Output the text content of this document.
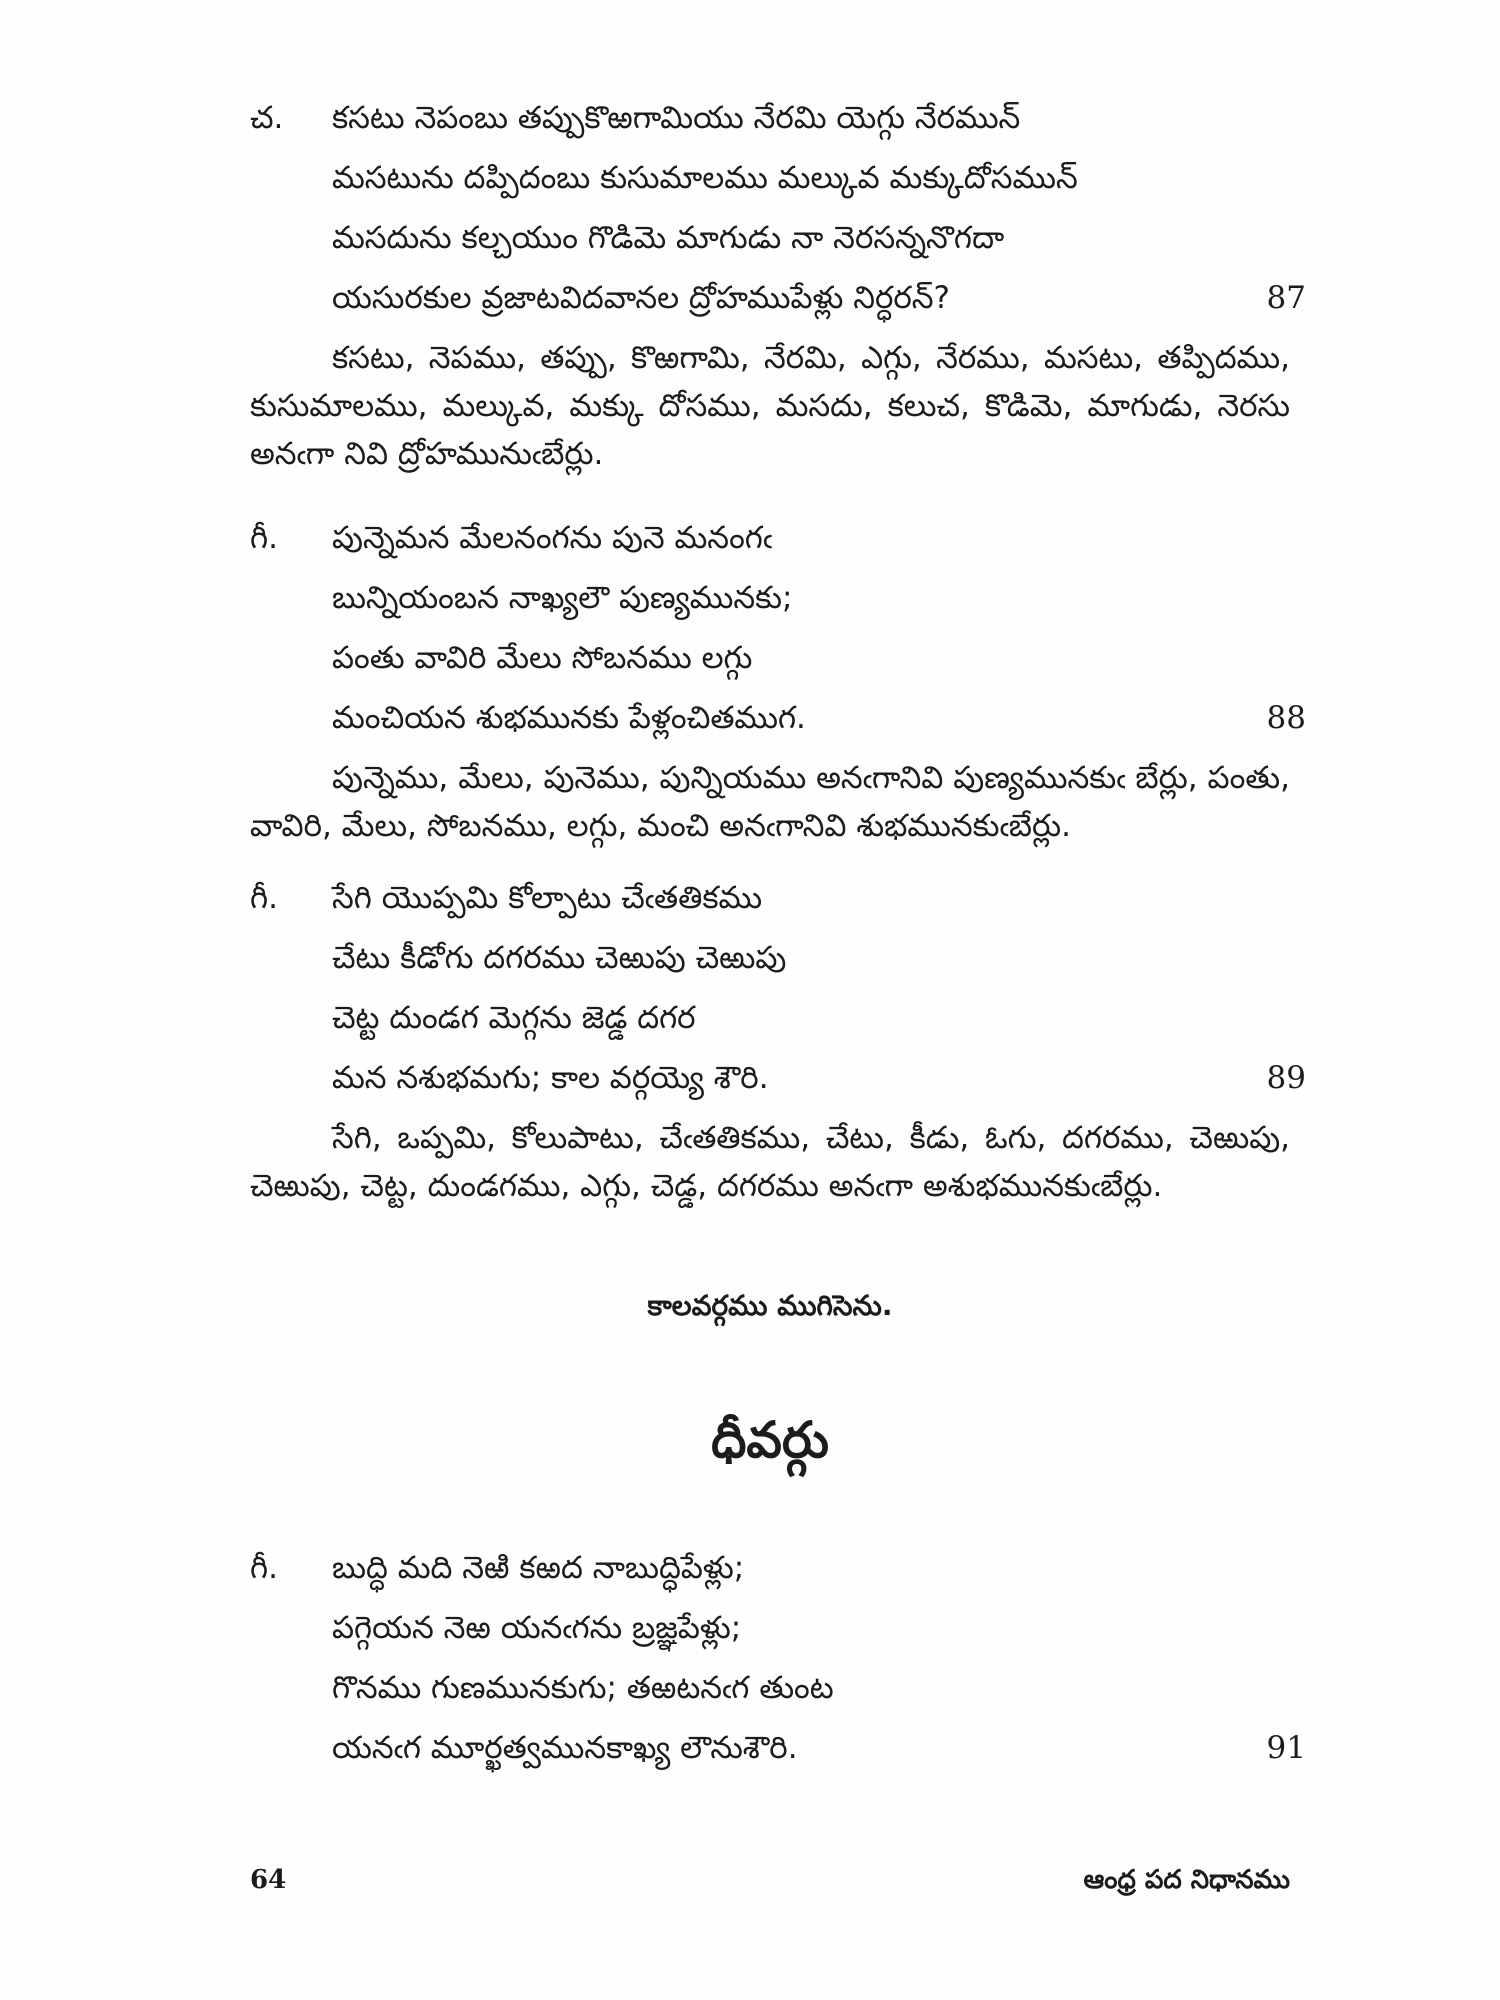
చ.	కసటు నెపంబు తప్పుకొఱగామియు నేరమి యెగ్గు నేరమున్
మసటును దప్పిదంబు కుసుమాలము మల్కువ మక్కుదోసమున్
మసదును కల్చయుం గొడిమె మాగుడు నా నెరసన్ననొగదా
యసురకుల వ్రజాటవిదవానల ద్రోహముపేళ్లు నిర్ధరన్?	87

కసటు, నెపము, తప్పు, కొఱగామి, నేరమి, ఎగ్గు, నేరము, మసటు, తప్పిదము, కుసుమాలము, మల్కువ, మక్కు దోసము, మసదు, కలుచ, కొడిమె, మాగుడు, నెరసు అనఁగా నివి ద్రోహమునుఁబేర్లు.

గీ.	పున్నెమన మేలనంగను పునె మనంగఁ
బున్నియంబన నాఖ్యలౌ పుణ్యమునకు;
పంతు వావిరి మేలు సోబనము లగ్గు
మంచియన శుభమునకు పేళ్లంచితముగ.	88

పున్నెము, మేలు, పునెము, పున్నియము అనఁగానివి పుణ్యమునకుఁ బేర్లు, పంతు, వావిరి, మేలు, సోబనము, లగ్గు, మంచి అనఁగానివి శుభమునకుఁబేర్లు.

గీ.	సేగి యొప్పమి కోల్పాటు చేఁతతికము
చేటు కీడోగు దగరము చెఱుపు చెఱుపు
చెట్ట దుండగ మెగ్గను జెడ్డ దగర
మన నశుభమగు; కాల వర్గయ్యె శౌరి.	89

సేగి, ఒప్పమి, కోలుపాటు, చేఁతతికము, చేటు, కీడు, ఓగు, దగరము, చెఱుపు, చెఱుపు, చెట్ట, దుండగము, ఎగ్గు, చెడ్డ, దగరము అనఁగా అశుభమునకుఁబేర్లు.

కాలవర్గము ముగిసెను.
ధీవర్గు
గీ.	బుద్ధి మది నెఱి కఱద నాబుద్ధిపేళ్లు;
పగ్గెయన నెఱ యనఁగను బ్రజ్ఞపేళ్లు;
గొనము గుణమునకుగు; తఱటనఁగ తుంట
యనఁగ మూర్ఖత్వమునకాఖ్య లౌనుశౌరి.	91
64	ఆంధ్ర పద నిధానము
